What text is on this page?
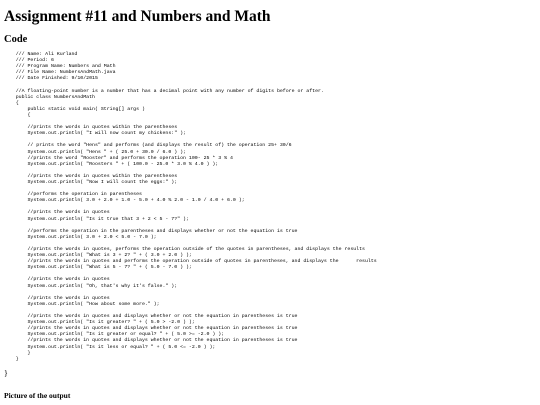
Assignment #11 and Numbers and Math
Code
/// Name: Ali Kurland
/// Period: 6
/// Program Name: Numbers and Math
/// File Name: NumbersAndMath.java
/// Date Finished: 9/10/2015

//A floating-point number is a number that has a decimal point with any number of digits before or after.
public class NumbersAndMath
{
public static void main( String[] args )
{

//prints the words in quotes within the parentheses
System.out.println( "I will now count my chickens:" );

// prints the word "Hens" and performs (and displays the result of) the operation 25+ 30/6
System.out.println( "Hens " + ( 25.0 + 30.0 / 6.0 ) );
//prints the word "Rooster" and performs the operation 100- 25 * 3 % 4
System.out.println( "Roosters " + ( 100.0 - 25.0 * 3.0 % 4.0 ) );

//prints the words in quotes within the parentheses
System.out.println( "Now I will count the eggs:" );

//performs the operation in parentheses
System.out.println( 3.0 + 2.0 + 1.0 - 5.0 + 4.0 % 2.0 - 1.0 / 4.0 + 6.0 );

//prints the words in quotes
System.out.println( "Is it true that 3 + 2 < 5 - 7?" );

//performs the operation in the parentheses and displays whether or not the equation is true
System.out.println( 3.0 + 2.0 < 5.0 - 7.0 );

//prints the words in quotes, performs the operation outside of the quotes in parentheses, and displays the results
System.out.println( "What is 3 + 2? " + ( 3.0 + 2.0 ) );
//prints the words in quotes and performs the operation outside of quotes in parentheses, and displays the      results
System.out.println( "What is 5 - 7? " + ( 5.0 - 7.0 ) );

//prints the words in quotes
System.out.println( "Oh, that's why it's false." );

//prints the words in quotes
System.out.println( "How about some more." );

//prints the words in quotes and displays whether or not the equation in parentheses is true
System.out.println( "Is it greater? " + ( 5.0 > -2.0 ) );
//prints the words in quotes and displays whether or not the equation in parentheses is true
System.out.println( "Is it greater or equal? " + ( 5.0 >= -2.0 ) );
//prints the words in quotes and displays whether or not the equation in parentheses is true
System.out.println( "Is it less or equal? " + ( 5.0 <= -2.0 ) );
}
}

}
Picture of the output
